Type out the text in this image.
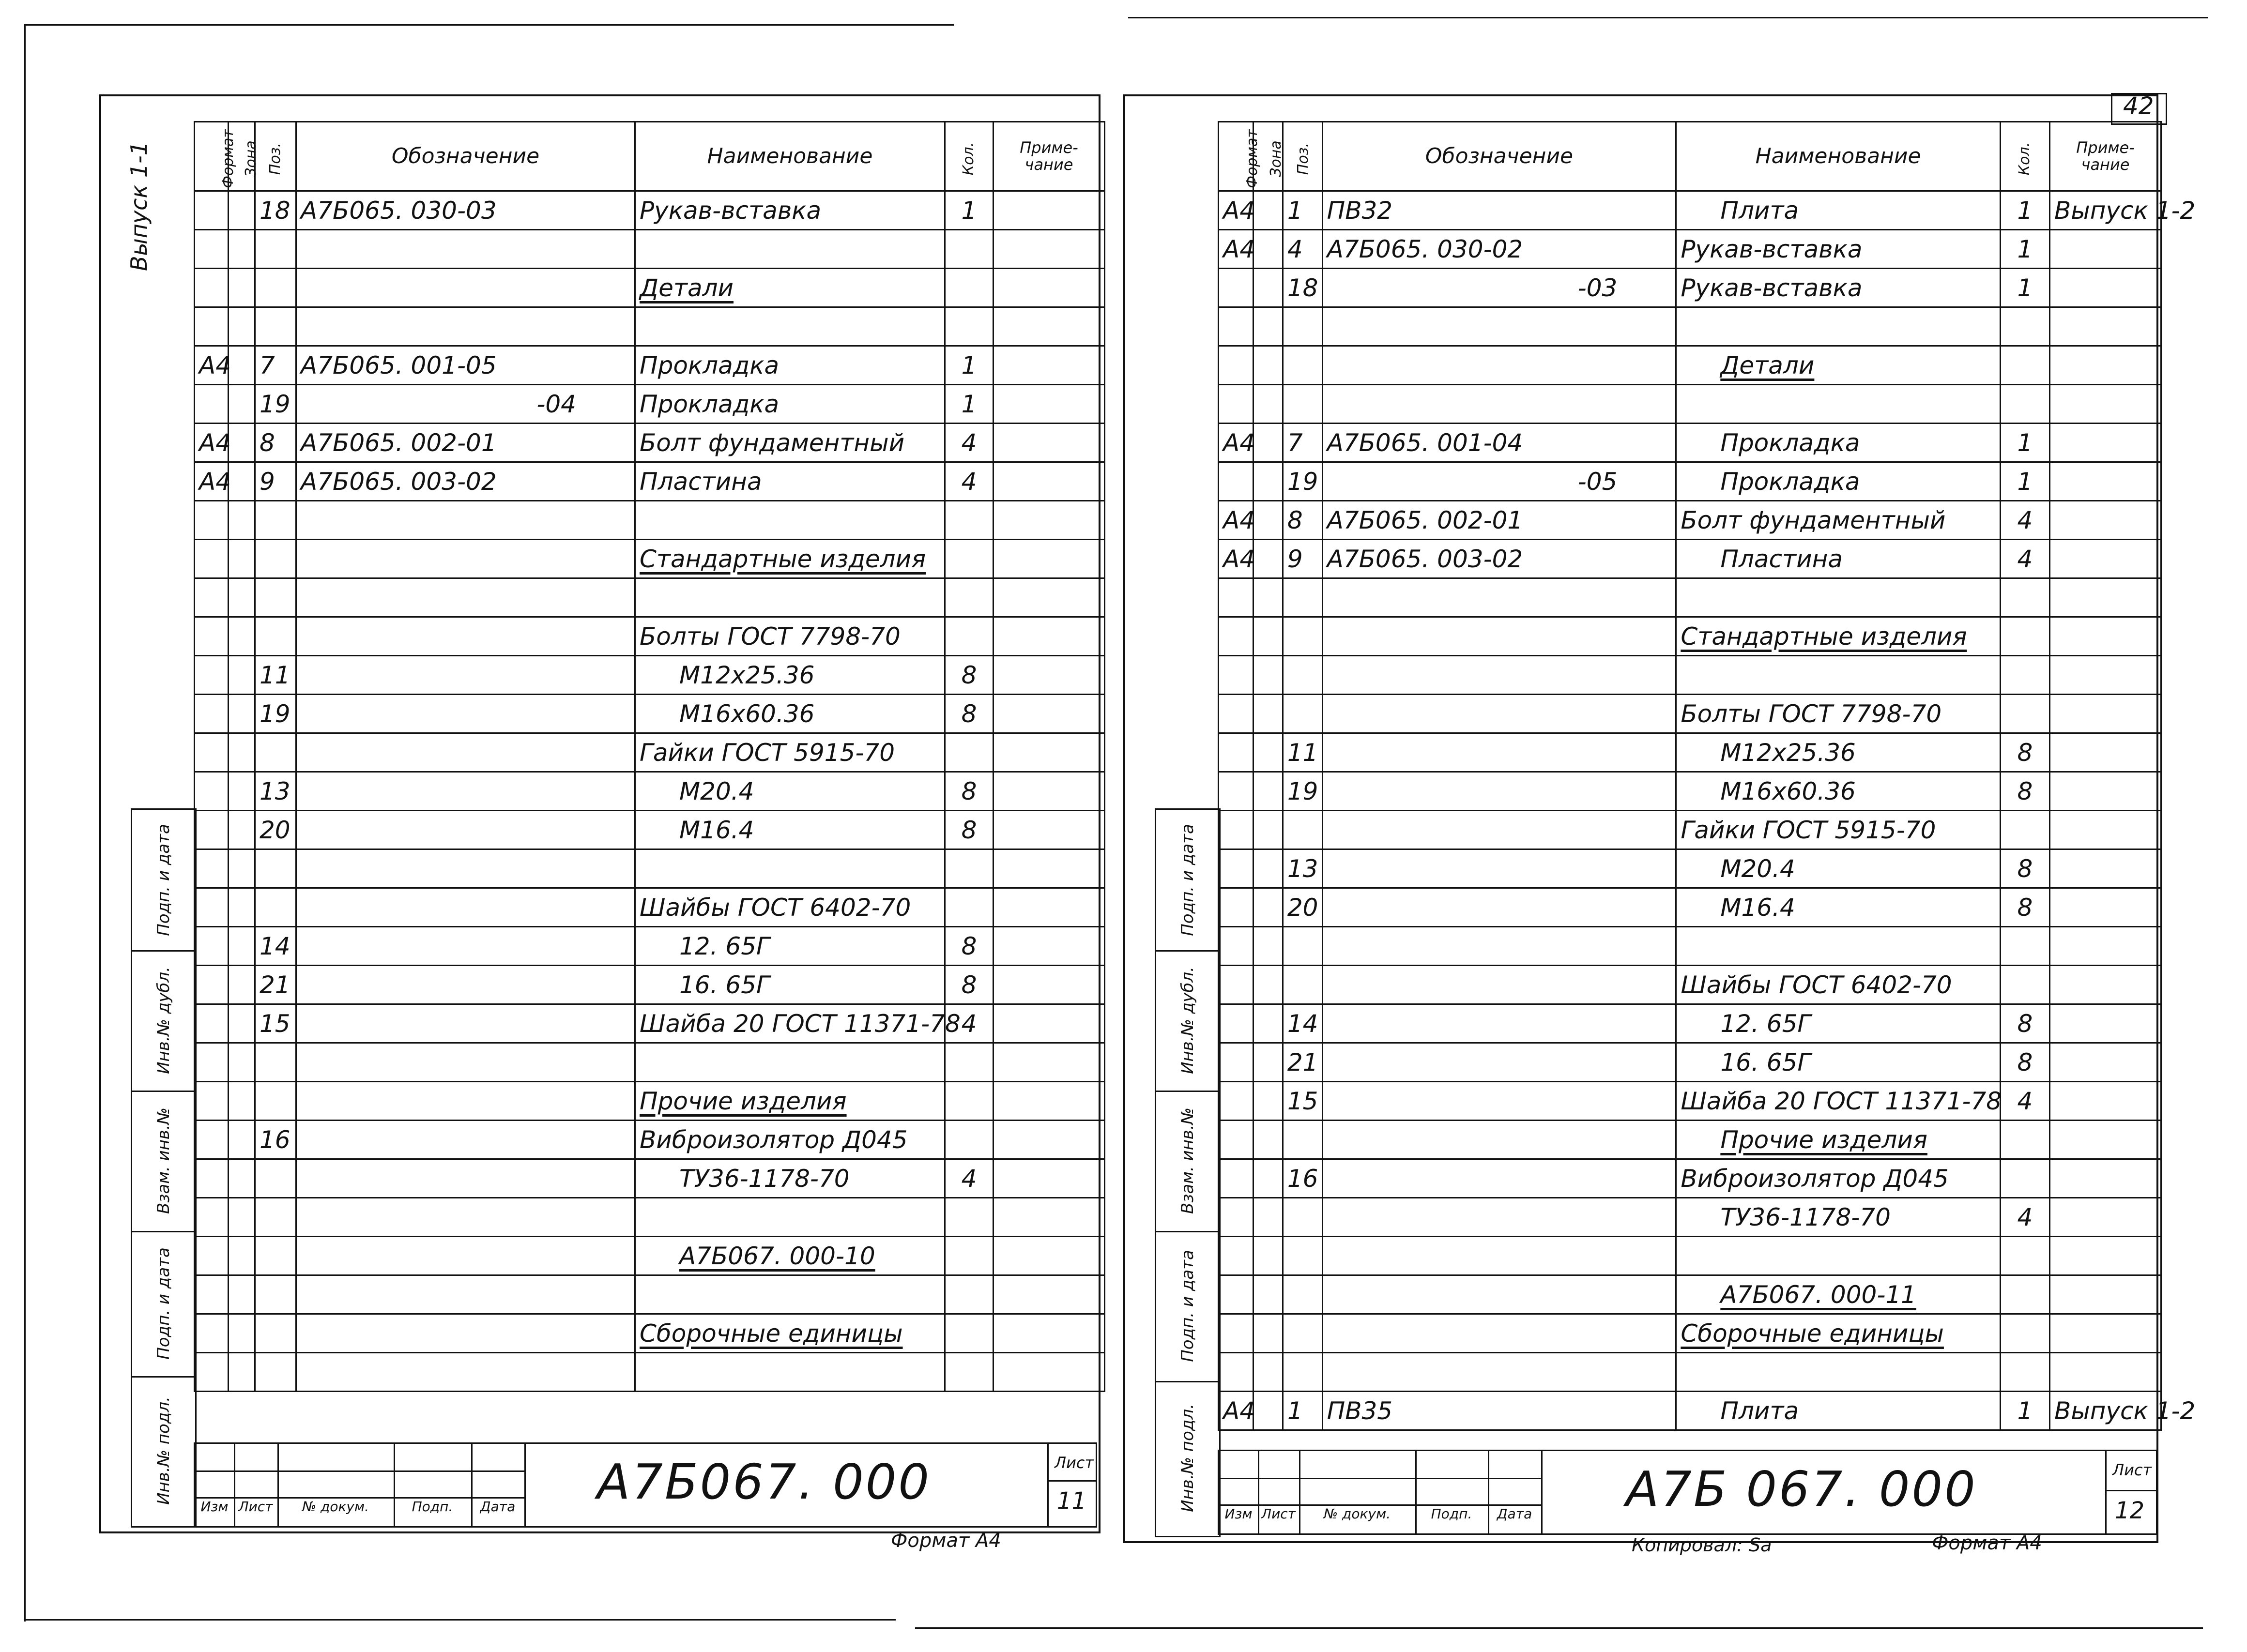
Выпуск 1-1	Формат	Зона	Поз.	Обозначение	Наименование	Кол.	Приме- чание
		18	А7Б065. 030-03	Рукав-вставка	1	

				Детали		

А4		7	А7Б065. 001-05	Прокладка	1	
		19	-04	Прокладка	1	
А4		8	А7Б065. 002-01	Болт фундаментный	4	
А4		9	А7Б065. 003-02	Пластина	4	

				Стандартные изделия		

				Болты ГОСТ 7798-70		
		11		М12х25.36	8	
		19		М16х60.36	8	
				Гайки ГОСТ 5915-70		
		13		М20.4	8	
		20		М16.4	8	

				Шайбы ГОСТ 6402-70		
		14		12. 65Г	8	
		21		16. 65Г	8	
		15		Шайба 20 ГОСТ 11371-78	4	

				Прочие изделия		
		16		Виброизолятор Д045		
				ТУ36-1178-70	4	

				А7Б067. 000-10		

				Сборочные единицы		

Подп. и дата
Инв.№ дубл.
Взам. инв.№
Подп. и дата
Инв.№ подл.
Изм Лист	№ докум.	Подп.	Дата А7Б067. 000	Лист
11
Формат А4
42
Формат	Зона	Поз.	Обозначение	Наименование	Кол.	Приме- чание
А4		1	ПВ32	Плита	1	Выпуск 1-2
А4		4	А7Б065. 030-02	Рукав-вставка	1	
		18	-03	Рукав-вставка	1	

				Детали		

А4		7	А7Б065. 001-04	Прокладка	1	
		19	-05	Прокладка	1	
А4		8	А7Б065. 002-01	Болт фундаментный	4	
А4		9	А7Б065. 003-02	Пластина	4	

				Стандартные изделия		

				Болты ГОСТ 7798-70		
		11		М12х25.36	8	
		19		М16х60.36	8	
				Гайки ГОСТ 5915-70		
		13		М20.4	8	
		20		М16.4	8	

				Шайбы ГОСТ 6402-70		
		14		12. 65Г	8	
		21		16. 65Г	8	
		15		Шайба 20 ГОСТ 11371-78	4	
				Прочие изделия		
		16		Виброизолятор Д045		
				ТУ36-1178-70	4	

				А7Б067. 000-11		
				Сборочные единицы		

А4		1	ПВ35	Плита	1	Выпуск 1-2
Подп. и дата
Инв.№ дубл.
Взам. инв.№
Подп. и дата
Инв.№ подл.
Изм Лист	№ докум.	Подп.	Дата А7Б 067. 000	Лист
12
Копировал: Sa	Формат А4
